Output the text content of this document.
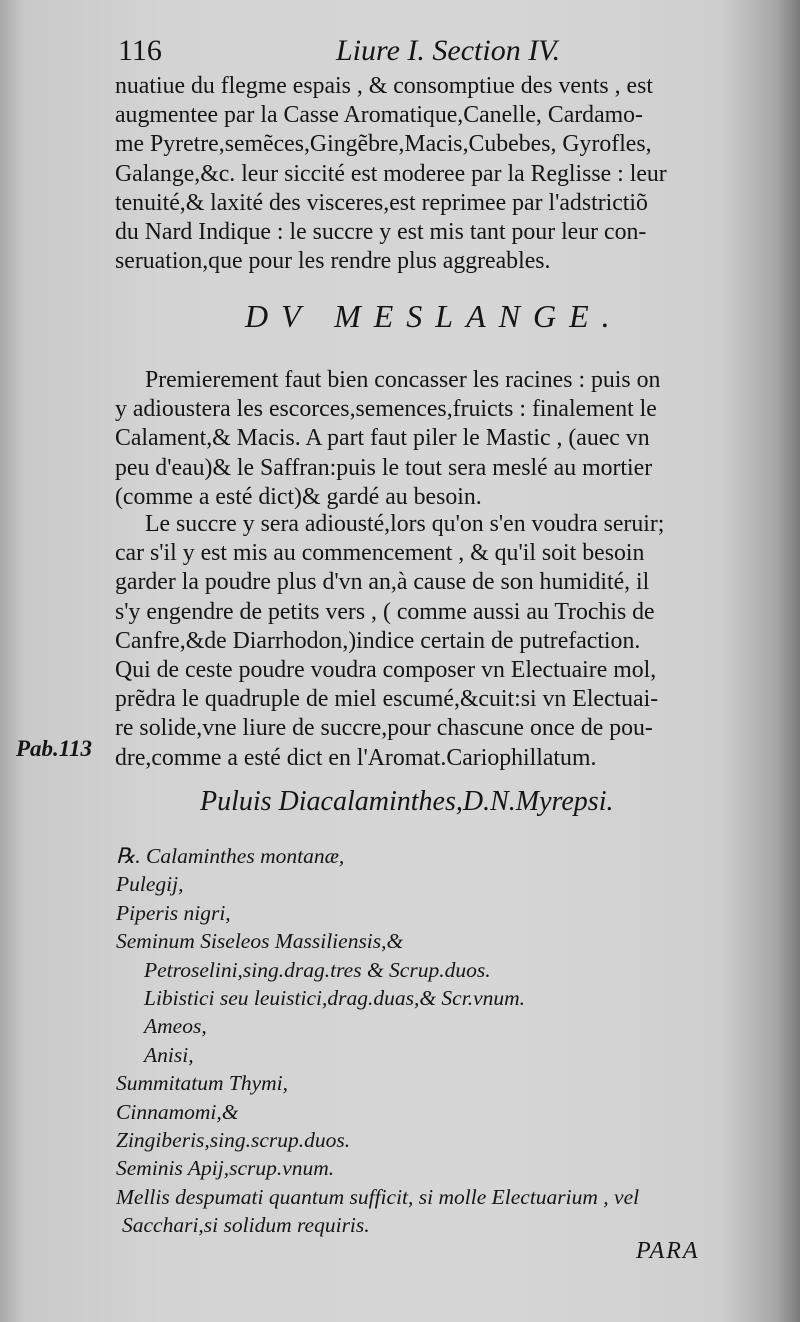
116	Liure I. Section IV.
nuatiue du flegme espais , & consomptiue des vents , est
augmentee par la Casse Aromatique,Canelle, Cardamo-
me Pyretre,semẽces,Gingẽbre,Macis,Cubebes, Gyrofles,
Galange,&c. leur siccité est moderee par la Reglisse : leur
tenuité,& laxité des visceres,est reprimee par l'adstrictiõ
du Nard Indique : le succre y est mis tant pour leur con-
seruation,que pour les rendre plus aggreables.
DV MESLANGE.
Premierement faut bien concasser les racines : puis on
y adioustera les escorces,semences,fruicts : finalement le
Calament,& Macis. A part faut piler le Mastic , (auec vn
peu d'eau)& le Saffran:puis le tout sera meslé au mortier
(comme a esté dict)& gardé au besoin.
Le succre y sera adiousté,lors qu'on s'en voudra seruir;
car s'il y est mis au commencement , & qu'il soit besoin
garder la poudre plus d'vn an,à cause de son humidité, il
s'y engendre de petits vers , ( comme aussi au Trochis de
Canfre,&de Diarrhodon,)indice certain de putrefaction.
Qui de ceste poudre voudra composer vn Electuaire mol,
prẽdra le quadruple de miel escumé,&cuit:si vn Electuai-
re solide,vne liure de succre,pour chascune once de pou-
dre,comme a esté dict en l'Aromat.Cariophillatum.
Pab.113
Puluis Diacalaminthes,D.N.Myrepsi.
℞. Calaminthes montanæ,
Pulegij,
Piperis nigri,
Seminum Siseleos Massiliensis,&
Petroselini,sing.drag.tres & Scrup.duos.
Libistici seu leuistici,drag.duas,& Scr.vnum.
Ameos,
Anisi,
Summitatum Thymi,
Cinnamomi,&
Zingiberis,sing.scrup.duos.
Seminis Apij,scrup.vnum.
Mellis despumati quantum sufficit, si molle Electuarium , vel
Sacchari,si solidum requiris.
PARA
